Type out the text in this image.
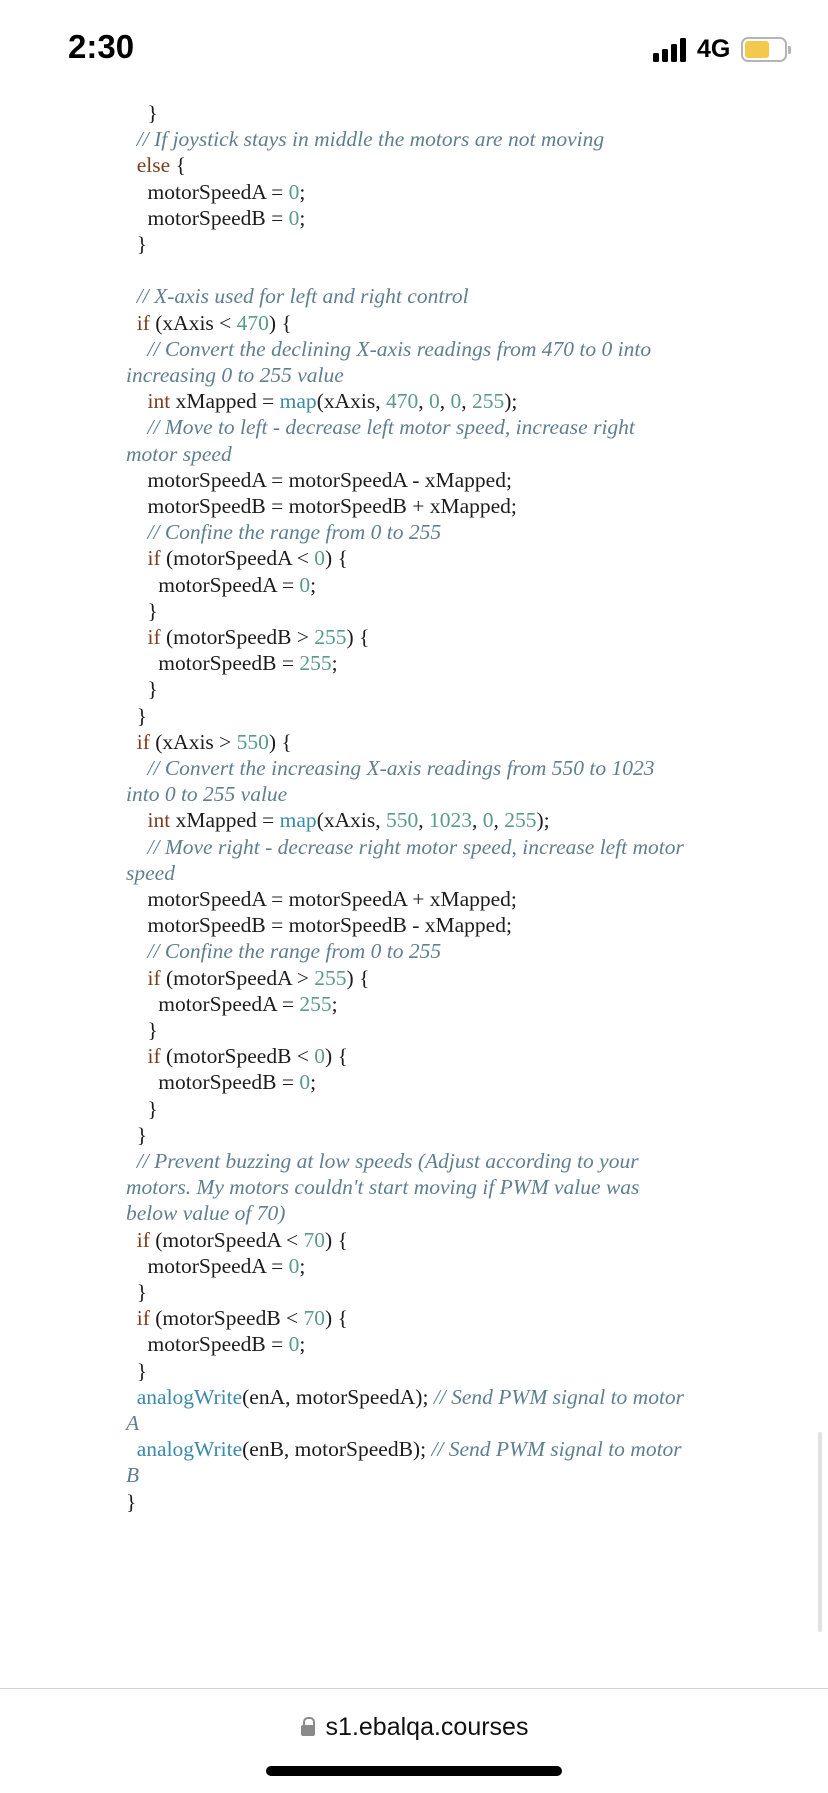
2:30	4G

}
// If joystick stays in middle the motors are not moving
else {
motorSpeedA = 0;
motorSpeedB = 0;
}
// X-axis used for left and right control
if (xAxis < 470) {
// Convert the declining X-axis readings from 470 to 0 into
increasing 0 to 255 value
int xMapped = map(xAxis, 470, 0, 0, 255);
// Move to left - decrease left motor speed, increase right
motor speed
motorSpeedA = motorSpeedA - xMapped;
motorSpeedB = motorSpeedB + xMapped;
// Confine the range from 0 to 255
if (motorSpeedA < 0) {
motorSpeedA = 0;
}
if (motorSpeedB > 255) {
motorSpeedB = 255;
}
}
if (xAxis > 550) {
// Convert the increasing X-axis readings from 550 to 1023
into 0 to 255 value
int xMapped = map(xAxis, 550, 1023, 0, 255);
// Move right - decrease right motor speed, increase left motor
speed
motorSpeedA = motorSpeedA + xMapped;
motorSpeedB = motorSpeedB - xMapped;
// Confine the range from 0 to 255
if (motorSpeedA > 255) {
motorSpeedA = 255;
}
if (motorSpeedB < 0) {
motorSpeedB = 0;
}
}
// Prevent buzzing at low speeds (Adjust according to your
motors. My motors couldn't start moving if PWM value was
below value of 70)
if (motorSpeedA < 70) {
motorSpeedA = 0;
}
if (motorSpeedB < 70) {
motorSpeedB = 0;
}
analogWrite(enA, motorSpeedA); // Send PWM signal to motor
A
analogWrite(enB, motorSpeedB); // Send PWM signal to motor
B
}
s1.ebalqa.courses
